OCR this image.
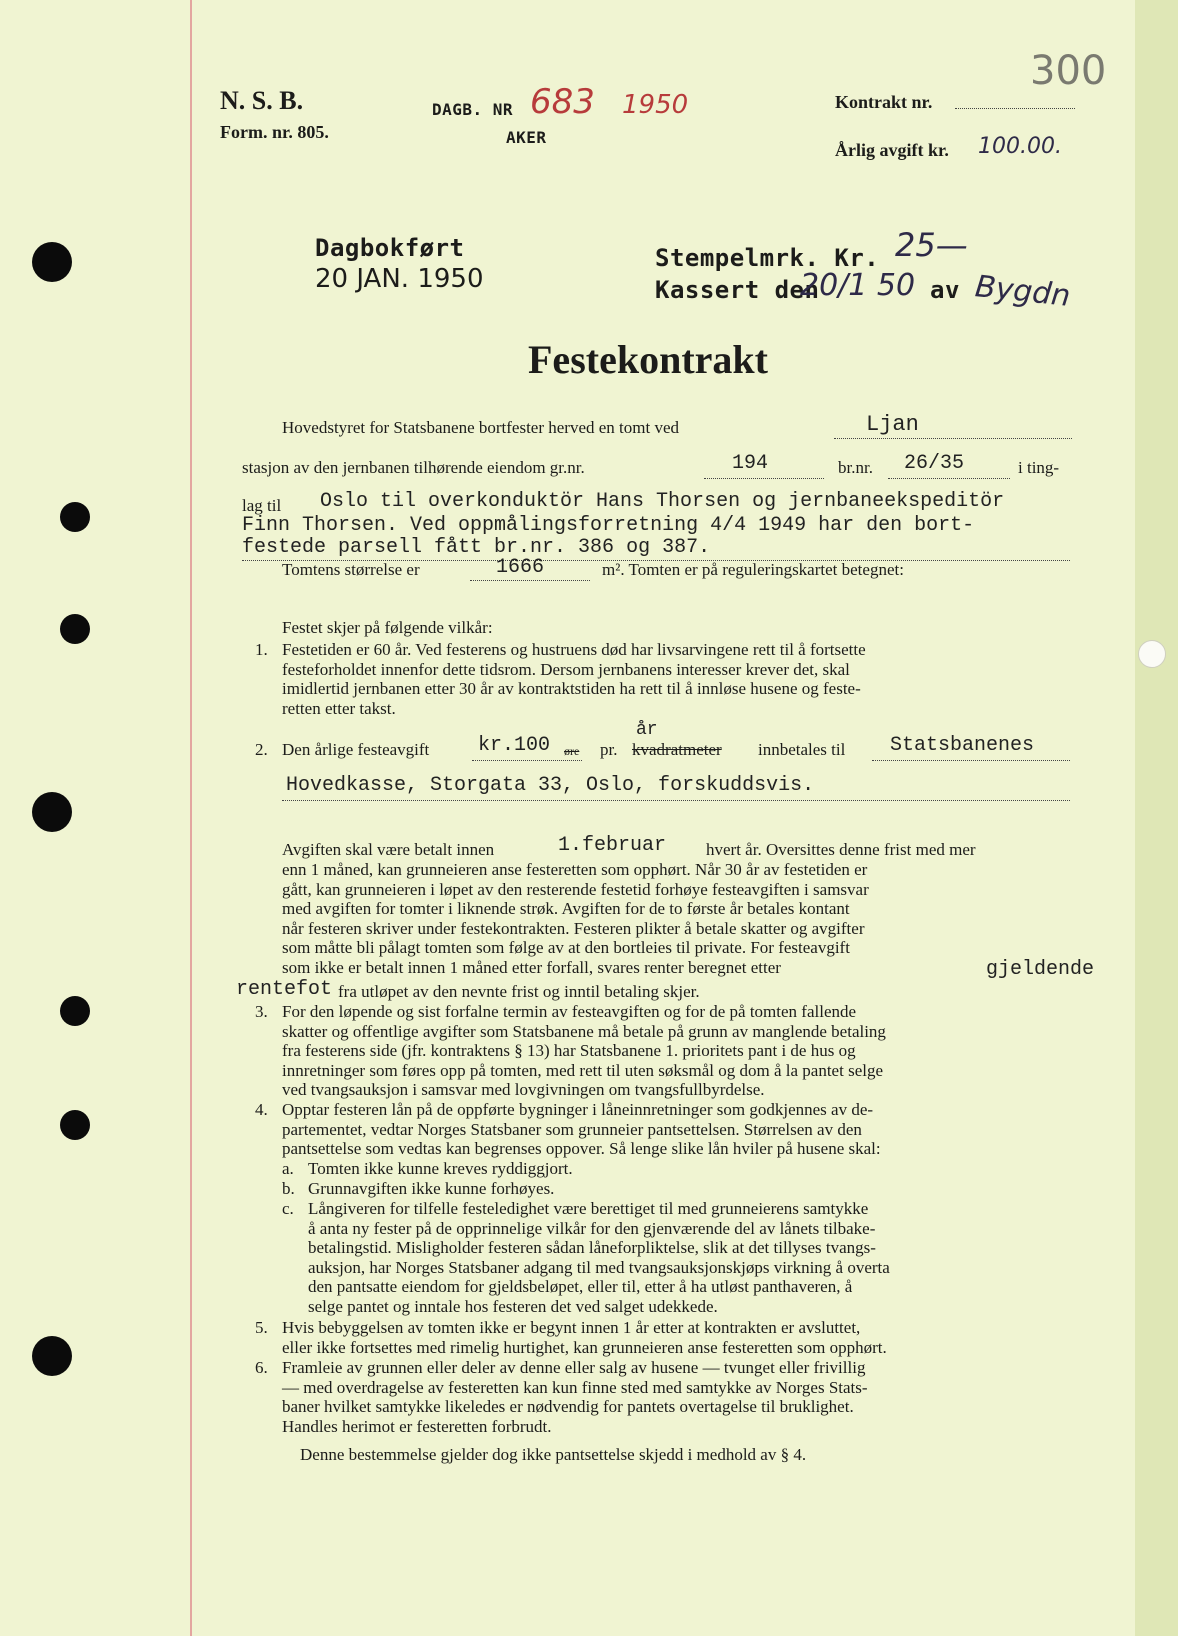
N. S. B.
Form. nr. 805.
DAGB. NR 683 1950
AKER
300
Kontrakt nr.
Årlig avgift kr. 100.00.
Dagbokført
20 JAN. 1950
Stempelmrk. Kr. 25—
Kassert den
20/1 50 av Bygdn
Festekontrakt
Hovedstyret for Statsbanene bortfester herved en tomt ved	Ljan
stasjon av den jernbanen tilhørende eiendom gr.nr.	194	br.nr. 26/35	i ting-
lag til Oslo til overkonduktör Hans Thorsen og jernbaneekspeditör
Finn Thorsen. Ved oppmålingsforretning 4/4 1949 har den bort-
festede parsell fått br.nr. 386 og 387.
Tomtens størrelse er	1666	m². Tomten er på reguleringskartet betegnet:
Festet skjer på følgende vilkår:
1. Festetiden er 60 år. Ved festerens og hustruens død har livsarvingene rett til å fortsette
festeforholdet innenfor dette tidsrom. Dersom jernbanens interesser krever det, skal
imidlertid jernbanen etter 30 år av kontraktstiden ha rett til å innløse husene og feste-
retten etter takst.
2. Den årlige festeavgift kr.100 øre pr.
år
kvadratmeter innbetales til Statsbanenes
Hovedkasse, Storgata 33, Oslo, forskuddsvis.
Avgiften skal være betalt innen	1.februar hvert år. Oversittes denne frist med mer
enn 1 måned, kan grunneieren anse festeretten som opphørt. Når 30 år av festetiden er
gått, kan grunneieren i løpet av den resterende festetid forhøye festeavgiften i samsvar
med avgiften for tomter i liknende strøk. Avgiften for de to første år betales kontant
når festeren skriver under festekontrakten. Festeren plikter å betale skatter og avgifter
som måtte bli pålagt tomten som følge av at den bortleies til private. For festeavgift
som ikke er betalt innen 1 måned etter forfall, svares renter beregnet etter	gjeldende
rentefot fra utløpet av den nevnte frist og inntil betaling skjer.
3. For den løpende og sist forfalne termin av festeavgiften og for de på tomten fallende
skatter og offentlige avgifter som Statsbanene må betale på grunn av manglende betaling
fra festerens side (jfr. kontraktens § 13) har Statsbanene 1. prioritets pant i de hus og
innretninger som føres opp på tomten, med rett til uten søksmål og dom å la pantet selge
ved tvangsauksjon i samsvar med lovgivningen om tvangsfullbyrdelse.
4. Opptar festeren lån på de oppførte bygninger i låneinnretninger som godkjennes av de-
partementet, vedtar Norges Statsbaner som grunneier pantsettelsen. Størrelsen av den
pantsettelse som vedtas kan begrenses oppover. Så lenge slike lån hviler på husene skal:
a. Tomten ikke kunne kreves ryddiggjort.
b. Grunnavgiften ikke kunne forhøyes.
c. Långiveren for tilfelle festeledighet være berettiget til med grunneierens samtykke
å anta ny fester på de opprinnelige vilkår for den gjenværende del av lånets tilbake-
betalingstid. Misligholder festeren sådan låneforpliktelse, slik at det tillyses tvangs-
auksjon, har Norges Statsbaner adgang til med tvangsauksjonskjøps virkning å overta
den pantsatte eiendom for gjeldsbeløpet, eller til, etter å ha utløst panthaveren, å
selge pantet og inntale hos festeren det ved salget udekkede.
5. Hvis bebyggelsen av tomten ikke er begynt innen 1 år etter at kontrakten er avsluttet,
eller ikke fortsettes med rimelig hurtighet, kan grunneieren anse festeretten som opphørt.
6. Framleie av grunnen eller deler av denne eller salg av husene — tvunget eller frivillig
— med overdragelse av festeretten kan kun finne sted med samtykke av Norges Stats-
baner hvilket samtykke likeledes er nødvendig for pantets overtagelse til bruklighet.
Handles herimot er festeretten forbrudt.
Denne bestemmelse gjelder dog ikke pantsettelse skjedd i medhold av § 4.
